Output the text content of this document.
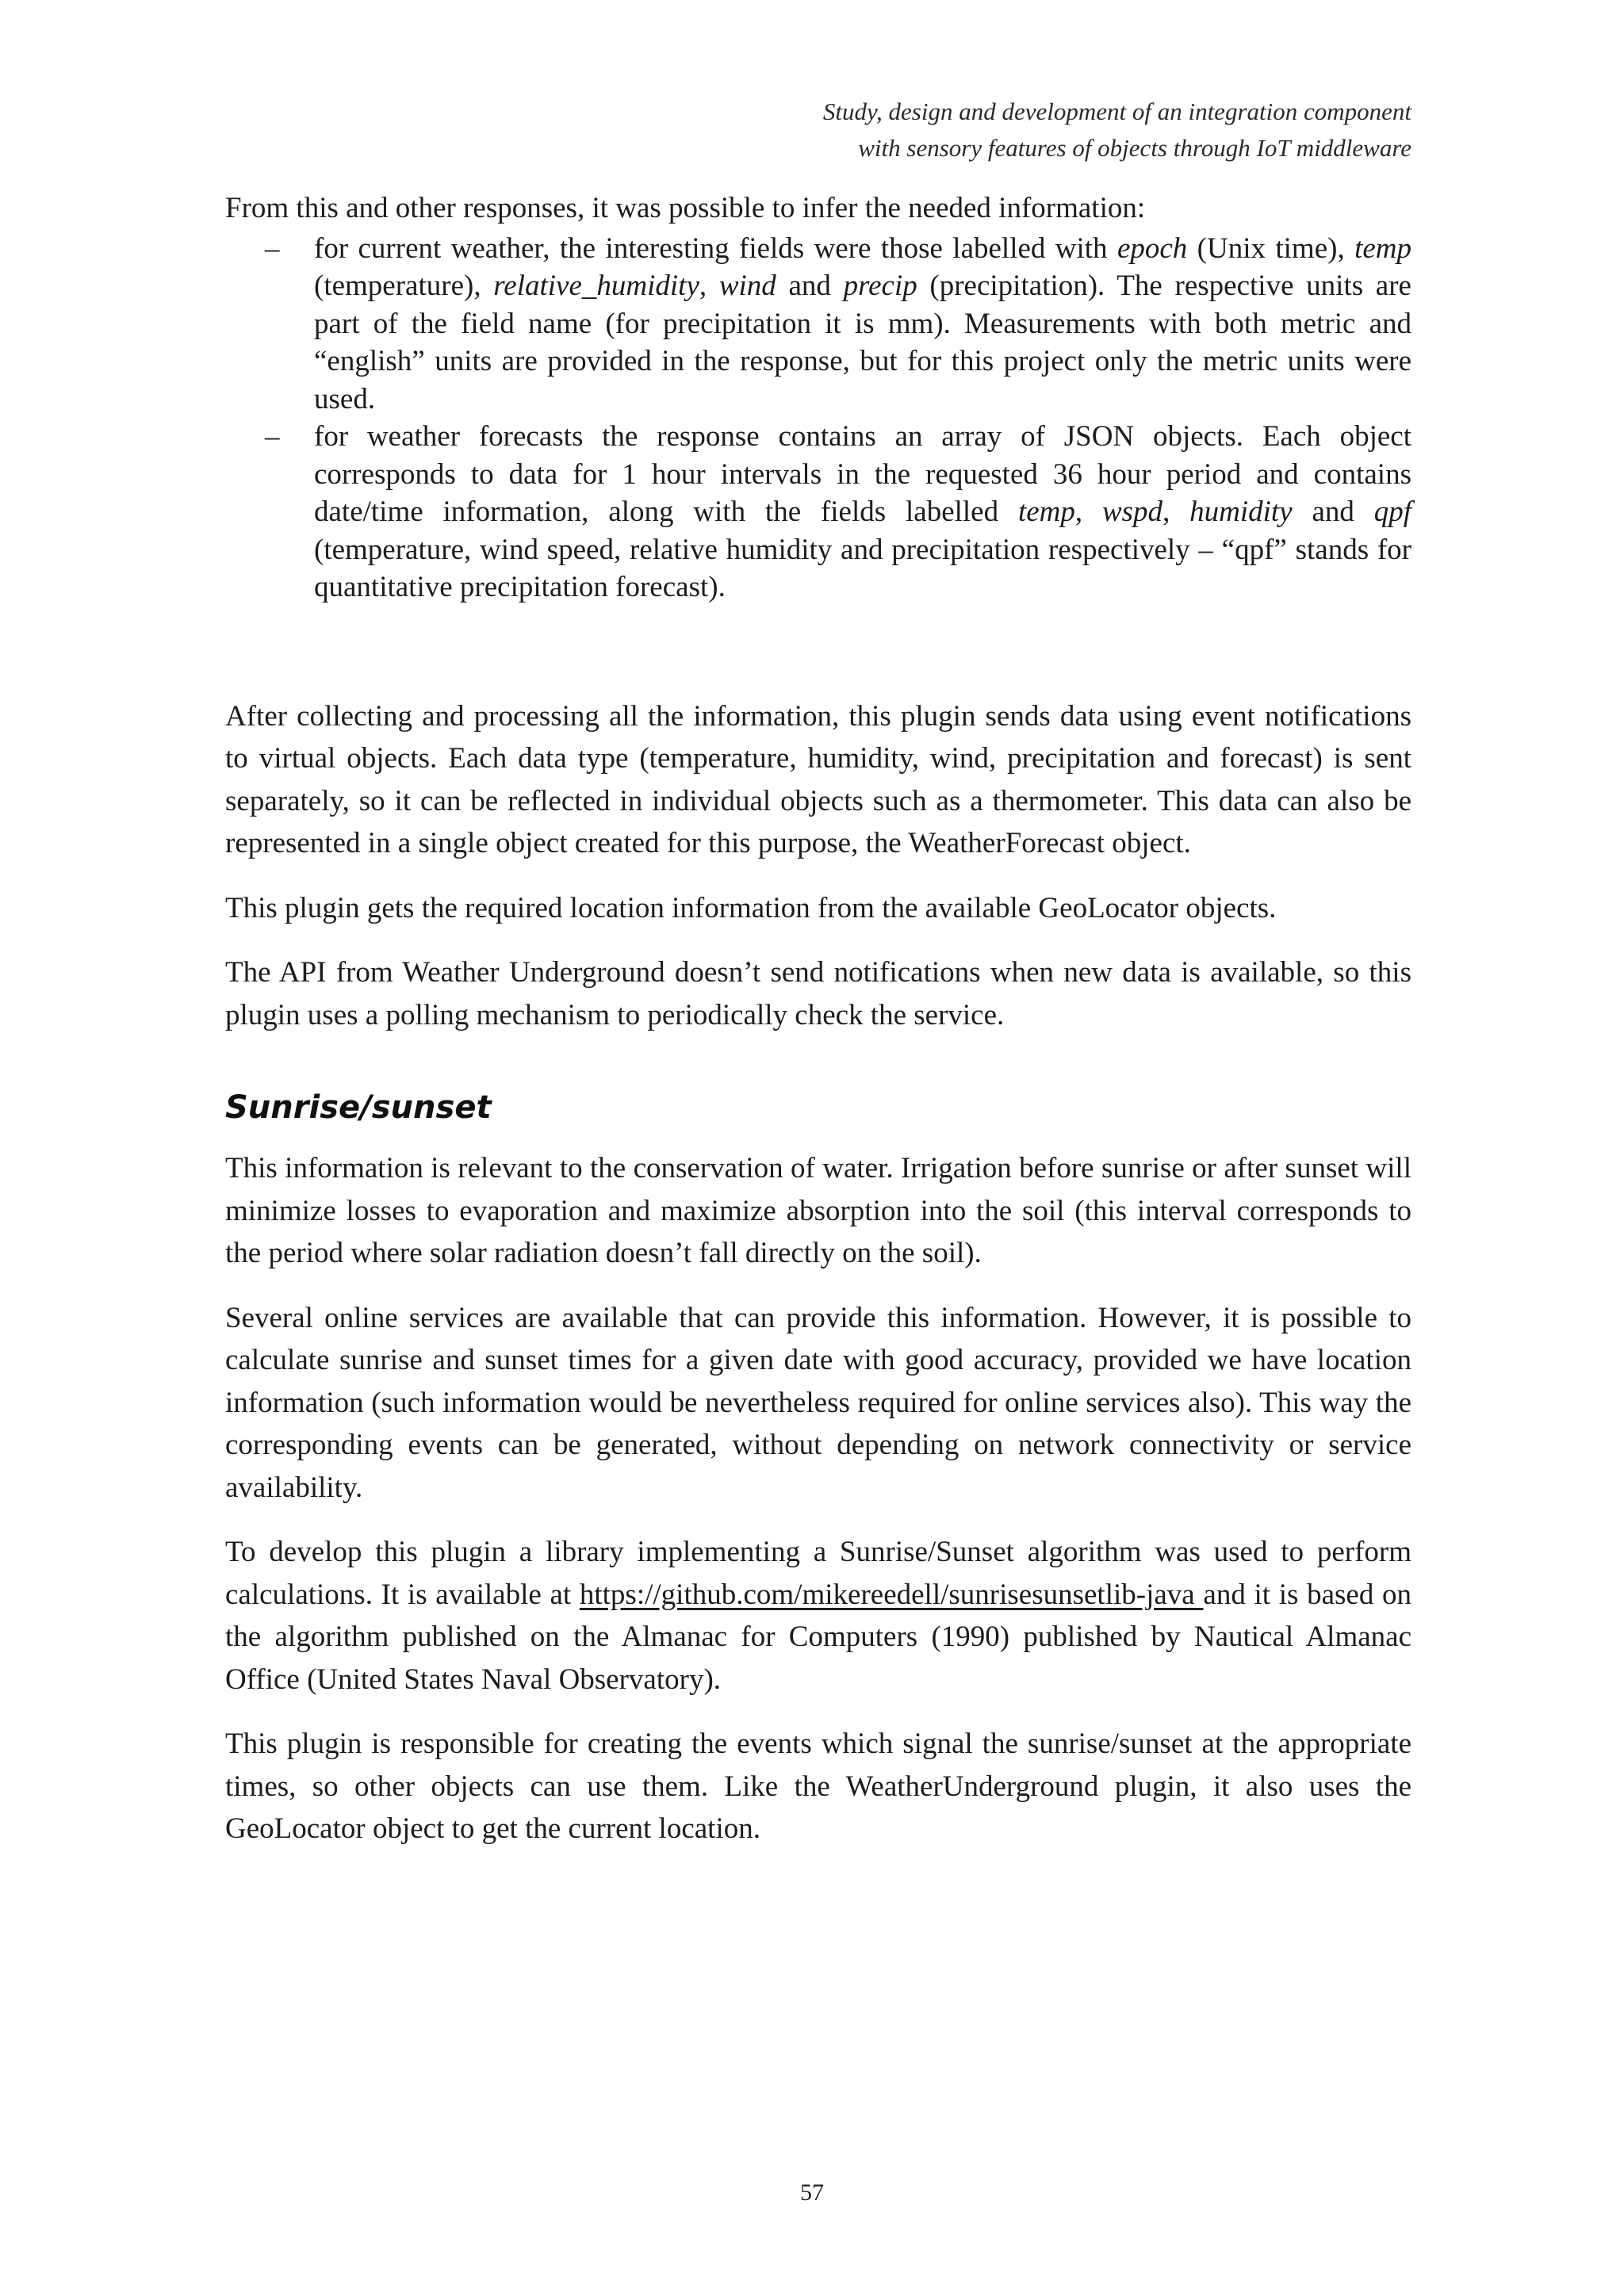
Study, design and development of an integration component
with sensory features of objects through IoT middleware

From this and other responses, it was possible to infer the needed information:

– for current weather, the interesting fields were those labelled with epoch (Unix time), temp (temperature), relative_humidity, wind and precip (precipitation). The respective units are part of the field name (for precipitation it is mm). Measurements with both metric and “english” units are provided in the response, but for this project only the metric units were used.
– for weather forecasts the response contains an array of JSON objects. Each object corresponds to data for 1 hour intervals in the requested 36 hour period and contains date/time information, along with the fields labelled temp, wspd, humidity and qpf (temperature, wind speed, relative humidity and precipitation respectively – “qpf” stands for quantitative precipitation forecast).

After collecting and processing all the information, this plugin sends data using event notifications to virtual objects. Each data type (temperature, humidity, wind, precipitation and forecast) is sent separately, so it can be reflected in individual objects such as a thermometer. This data can also be represented in a single object created for this purpose, the WeatherForecast object.

This plugin gets the required location information from the available GeoLocator objects.

The API from Weather Underground doesn’t send notifications when new data is available, so this plugin uses a polling mechanism to periodically check the service.

Sunrise/sunset

This information is relevant to the conservation of water. Irrigation before sunrise or after sunset will minimize losses to evaporation and maximize absorption into the soil (this interval corresponds to the period where solar radiation doesn’t fall directly on the soil).

Several online services are available that can provide this information. However, it is possible to calculate sunrise and sunset times for a given date with good accuracy, provided we have location information (such information would be nevertheless required for online services also). This way the corresponding events can be generated, without depending on network connectivity or service availability.

To develop this plugin a library implementing a Sunrise/Sunset algorithm was used to perform calculations. It is available at https://github.com/mikereedell/sunrisesunsetlib-java and it is based on the algorithm published on the Almanac for Computers (1990) published by Nautical Almanac Office (United States Naval Observatory).

This plugin is responsible for creating the events which signal the sunrise/sunset at the appropriate times, so other objects can use them. Like the WeatherUnderground plugin, it also uses the GeoLocator object to get the current location.

57
